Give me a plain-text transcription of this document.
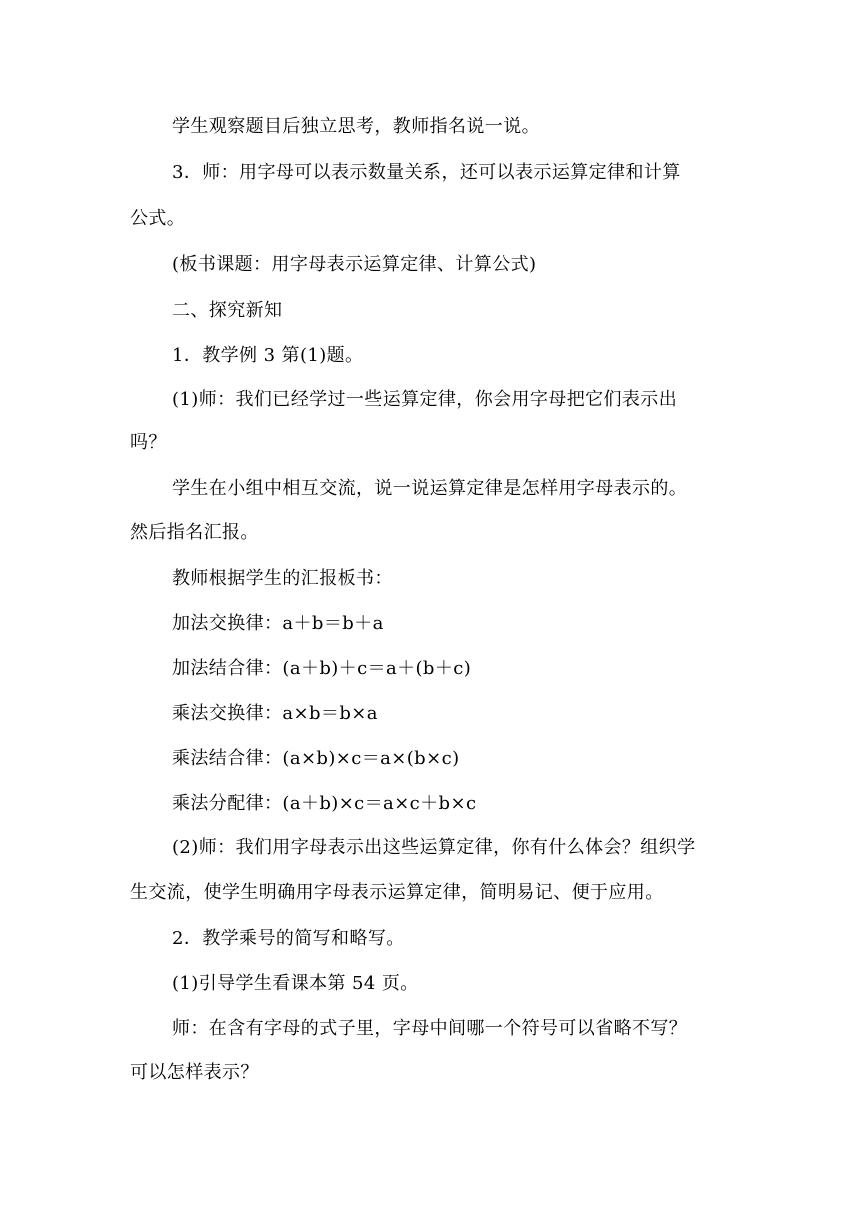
学生观察题目后独立思考，教师指名说一说。
3．师：用字母可以表示数量关系，还可以表示运算定律和计算
公式。
(板书课题：用字母表示运算定律、计算公式)
二、探究新知
1．教学例 3 第(1)题。
(1)师：我们已经学过一些运算定律，你会用字母把它们表示出
吗？
学生在小组中相互交流，说一说运算定律是怎样用字母表示的。
然后指名汇报。
教师根据学生的汇报板书：
加法交换律：a＋b＝b＋a
加法结合律：(a＋b)＋c＝a＋(b＋c)
乘法交换律：a×b＝b×a
乘法结合律：(a×b)×c＝a×(b×c)
乘法分配律：(a＋b)×c＝a×c＋b×c
(2)师：我们用字母表示出这些运算定律，你有什么体会？组织学
生交流，使学生明确用字母表示运算定律，简明易记、便于应用。
2．教学乘号的简写和略写。
(1)引导学生看课本第 54 页。
师：在含有字母的式子里，字母中间哪一个符号可以省略不写？
可以怎样表示？
